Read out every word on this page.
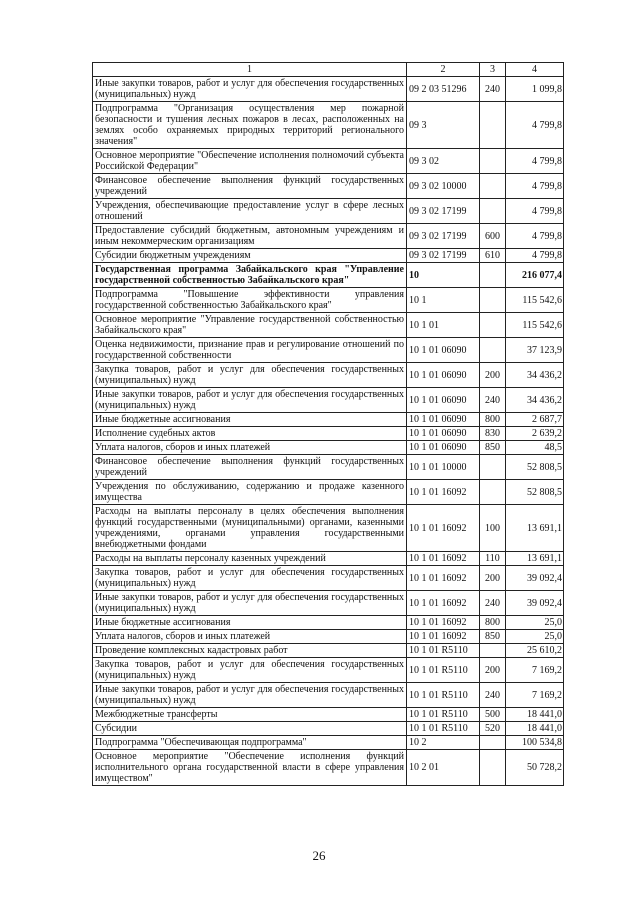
1	2	3	4
Иные закупки товаров, работ и услуг для обеспечения государственных (муниципальных) нужд	09 2 03 51296	240	1 099,8
Подпрограмма "Организация осуществления мер пожарной безопасности и тушения лесных пожаров в лесах, расположенных на землях особо охраняемых природных территорий регионального значения"	09 3		4 799,8
Основное мероприятие "Обеспечение исполнения полномочий субъекта Российской Федерации"	09 3 02		4 799,8
Финансовое обеспечение выполнения функций государственных учреждений	09 3 02 10000		4 799,8
Учреждения, обеспечивающие предоставление услуг в сфере лесных отношений	09 3 02 17199		4 799,8
Предоставление субсидий бюджетным, автономным учреждениям и иным некоммерческим организациям	09 3 02 17199	600	4 799,8
Субсидии бюджетным учреждениям	09 3 02 17199	610	4 799,8
Государственная программа Забайкальского края "Управление государственной собственностью Забайкальского края"	10		216 077,4
Подпрограмма "Повышение эффективности управления государственной собственностью Забайкальского края"	10 1		115 542,6
Основное мероприятие "Управление государственной собственностью Забайкальского края"	10 1 01		115 542,6
Оценка недвижимости, признание прав и регулирование отношений по государственной собственности	10 1 01 06090		37 123,9
Закупка товаров, работ и услуг для обеспечения государственных (муниципальных) нужд	10 1 01 06090	200	34 436,2
Иные закупки товаров, работ и услуг для обеспечения государственных (муниципальных) нужд	10 1 01 06090	240	34 436,2
Иные бюджетные ассигнования	10 1 01 06090	800	2 687,7
Исполнение судебных актов	10 1 01 06090	830	2 639,2
Уплата налогов, сборов и иных платежей	10 1 01 06090	850	48,5
Финансовое обеспечение выполнения функций государственных учреждений	10 1 01 10000		52 808,5
Учреждения по обслуживанию, содержанию и продаже казенного имущества	10 1 01 16092		52 808,5
Расходы на выплаты персоналу в целях обеспечения выполнения функций государственными (муниципальными) органами, казенными учреждениями, органами управления государственными внебюджетными фондами	10 1 01 16092	100	13 691,1
Расходы на выплаты персоналу казенных учреждений	10 1 01 16092	110	13 691,1
Закупка товаров, работ и услуг для обеспечения государственных (муниципальных) нужд	10 1 01 16092	200	39 092,4
Иные закупки товаров, работ и услуг для обеспечения государственных (муниципальных) нужд	10 1 01 16092	240	39 092,4
Иные бюджетные ассигнования	10 1 01 16092	800	25,0
Уплата налогов, сборов и иных платежей	10 1 01 16092	850	25,0
Проведение комплексных кадастровых работ	10 1 01 R5110		25 610,2
Закупка товаров, работ и услуг для обеспечения государственных (муниципальных) нужд	10 1 01 R5110	200	7 169,2
Иные закупки товаров, работ и услуг для обеспечения государственных (муниципальных) нужд	10 1 01 R5110	240	7 169,2
Межбюджетные трансферты	10 1 01 R5110	500	18 441,0
Субсидии	10 1 01 R5110	520	18 441,0
Подпрограмма "Обеспечивающая подпрограмма"	10 2		100 534,8
Основное мероприятие "Обеспечение исполнения функций исполнительного органа государственной власти в сфере управления имуществом"	10 2 01		50 728,2
26
